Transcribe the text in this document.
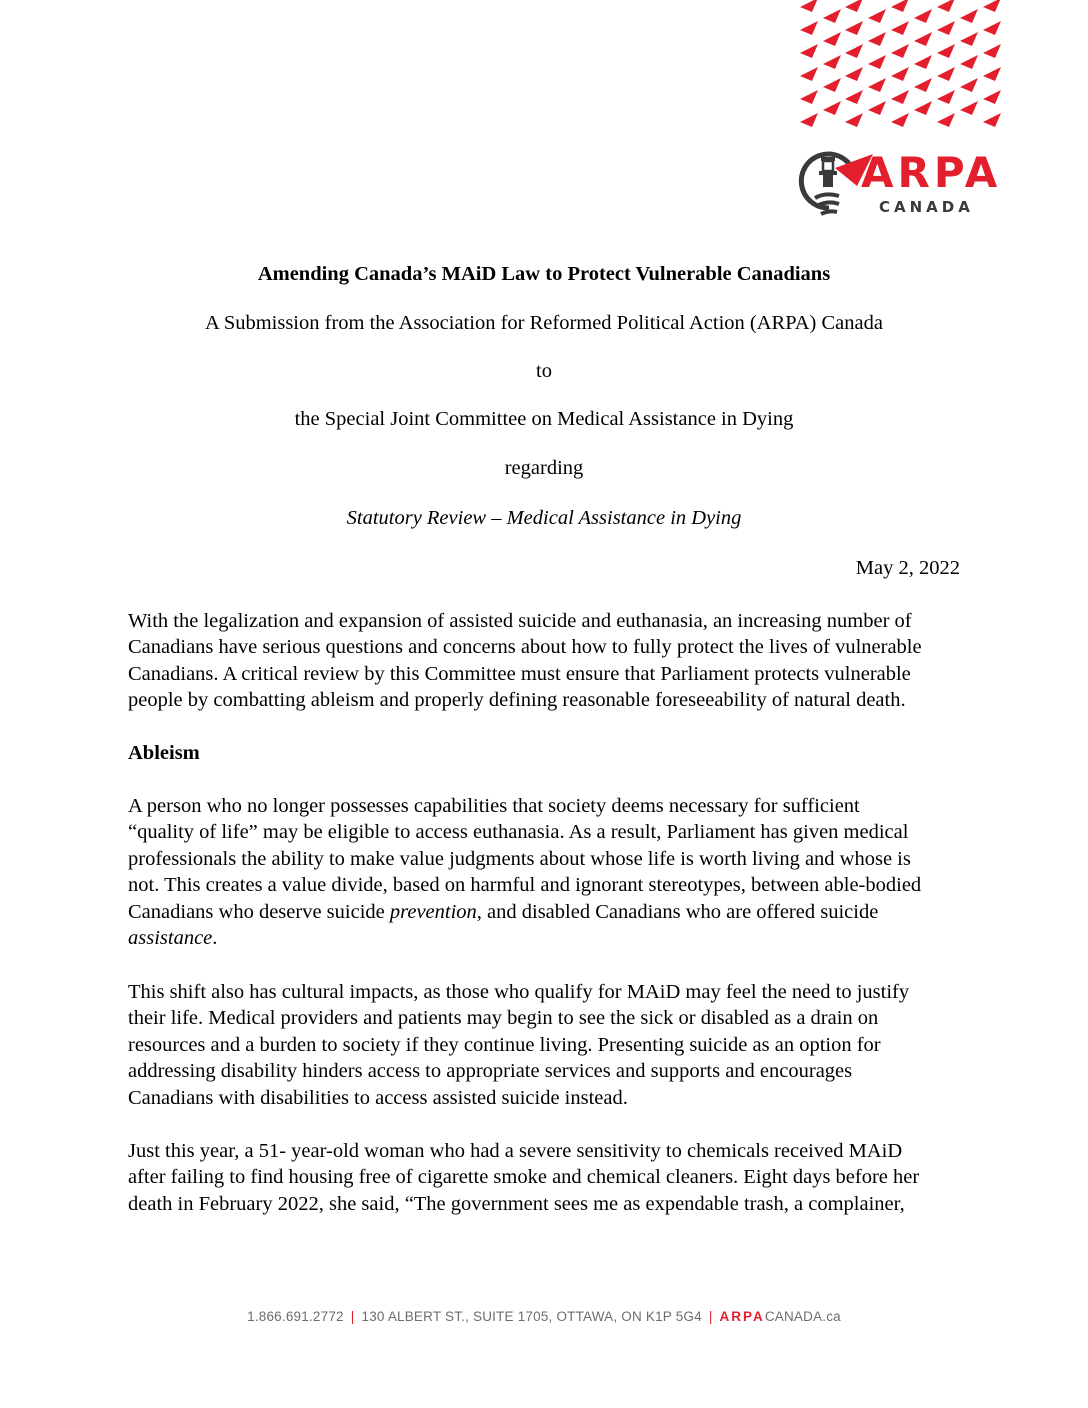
ARPA
CANADA
Amending Canada’s MAiD Law to Protect Vulnerable Canadians
A Submission from the Association for Reformed Political Action (ARPA) Canada
to
the Special Joint Committee on Medical Assistance in Dying
regarding
Statutory Review – Medical Assistance in Dying
May 2, 2022
With the legalization and expansion of assisted suicide and euthanasia, an increasing number of
Canadians have serious questions and concerns about how to fully protect the lives of vulnerable
Canadians. A critical review by this Committee must ensure that Parliament protects vulnerable
people by combatting ableism and properly defining reasonable foreseeability of natural death.
Ableism
A person who no longer possesses capabilities that society deems necessary for sufficient
“quality of life” may be eligible to access euthanasia. As a result, Parliament has given medical
professionals the ability to make value judgments about whose life is worth living and whose is
not. This creates a value divide, based on harmful and ignorant stereotypes, between able-bodied
Canadians who deserve suicide prevention, and disabled Canadians who are offered suicide
assistance.
This shift also has cultural impacts, as those who qualify for MAiD may feel the need to justify
their life. Medical providers and patients may begin to see the sick or disabled as a drain on
resources and a burden to society if they continue living. Presenting suicide as an option for
addressing disability hinders access to appropriate services and supports and encourages
Canadians with disabilities to access assisted suicide instead.
Just this year, a 51- year-old woman who had a severe sensitivity to chemicals received MAiD
after failing to find housing free of cigarette smoke and chemical cleaners. Eight days before her
death in February 2022, she said, “The government sees me as expendable trash, a complainer,
1.866.691.2772 | 130 ALBERT ST., SUITE 1705, OTTAWA, ON K1P 5G4 | ARPACANADA.ca
